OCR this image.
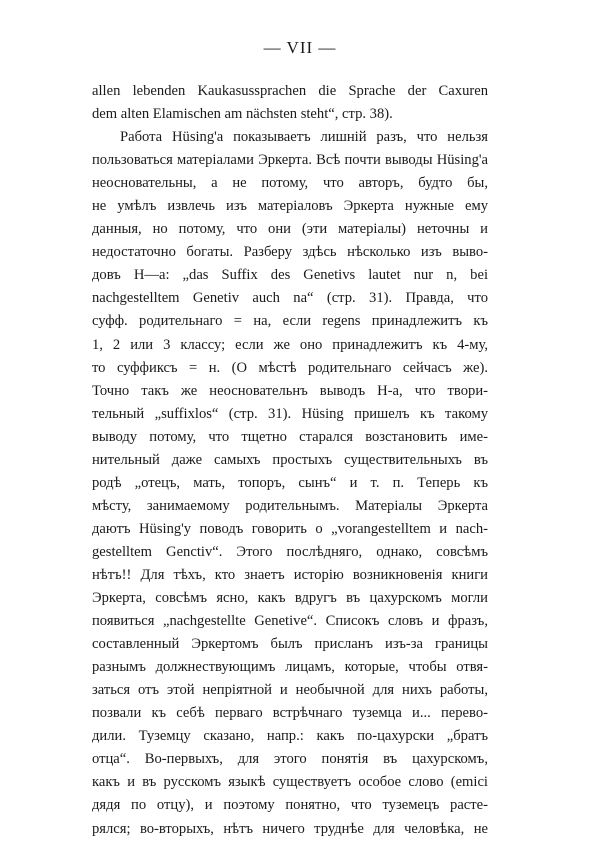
— VII —
allen lebenden Kaukasussprachen die Sprache der Caxuren
dem alten Elamischen am nächsten steht“, стр. 38).
Работа Hüsing'a показываетъ лишній разъ, что нельзя
пользоваться матеріалами Эркерта. Всѣ почти выводы Hüsing'a
неосновательны, а не потому, что авторъ, будто бы,
не умѣлъ извлечь изъ матеріаловъ Эркерта нужные ему
данныя, но потому, что они (эти матеріалы) неточны и
недостаточно богаты. Разберу здѣсь нѣсколько изъ выво-
довъ H—a: „das Suffix des Genetivs lautet nur n, bei
nachgestelltem Genetiv auch na“ (стр. 31). Правда, что
суфф. родительнаго = на, если regens принадлежитъ къ
1, 2 или 3 классу; если же оно принадлежитъ къ 4-му,
то суффиксъ = н. (О мѣстѣ родительнаго сейчасъ же).
Точно такъ же неосновательнъ выводъ H-a, что твори-
тельный „suffixlos“ (стр. 31). Hüsing пришелъ къ такому
выводу потому, что тщетно старался возстановить име-
нительный даже самыхъ простыхъ существительныхъ въ
родѣ „отецъ, мать, топоръ, сынъ“ и т. п. Теперь къ
мѣсту, занимаемому родительнымъ. Матеріалы Эркерта
даютъ Hüsing'y поводъ говорить о „vorangestelltem и nach-
gestelltem Genctiv“. Этого послѣдняго, однако, совсѣмъ
нѣтъ!! Для тѣхъ, кто знаетъ исторію возникновенія книги
Эркерта, совсѣмъ ясно, какъ вдругъ въ цахурскомъ могли
появиться „nachgestellte Genetive“. Списокъ словъ и фразъ,
составленный Эркертомъ былъ присланъ изъ-за границы
разнымъ должнествующимъ лицамъ, которые, чтобы отвя-
заться отъ этой непріятной и необычной для нихъ работы,
позвали къ себѣ перваго встрѣчнаго туземца и... перево-
дили. Туземцу сказано, напр.: какъ по-цахурски „братъ
отца“. Во-первыхъ, для этого понятія въ цахурскомъ,
какъ и въ русскомъ языкѣ существуетъ особое слово (emici
дядя по отцу), и поэтому понятно, что туземецъ расте-
рялся; во-вторыхъ, нѣтъ ничего труднѣе для человѣка, не
